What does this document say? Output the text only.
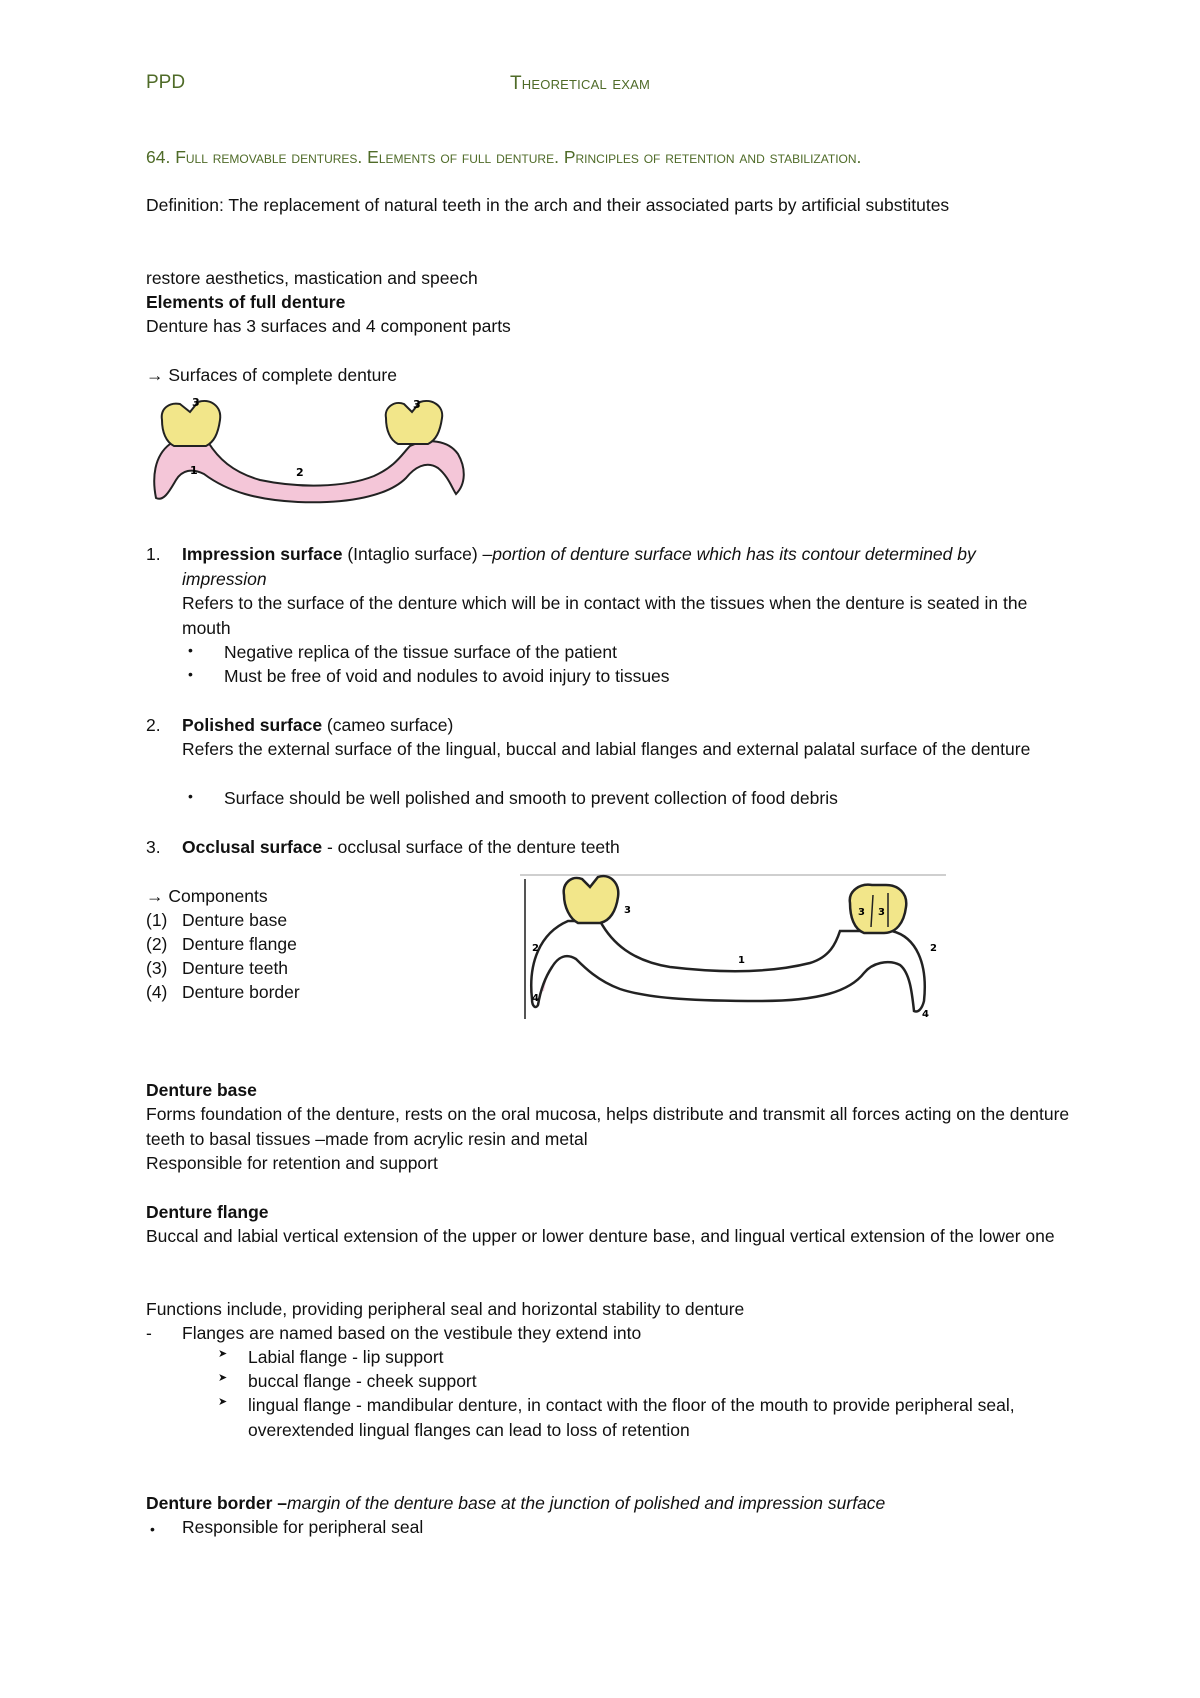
PPD	Theoretical exam
64. Full removable dentures. Elements of full denture. Principles of retention and stabilization.
Definition: The replacement of natural teeth in the arch and their associated parts by artificial substitutes
restore aesthetics, mastication and speech
Elements of full denture
Denture has 3 surfaces and 4 component parts
→ Surfaces of complete denture
3	3
1	2
1. Impression surface (Intaglio surface) –portion of denture surface which has its contour determined by impression
Refers to the surface of the denture which will be in contact with the tissues when the denture is seated in the mouth
• Negative replica of the tissue surface of the patient
• Must be free of void and nodules to avoid injury to tissues
2. Polished surface (cameo surface)
Refers the external surface of the lingual, buccal and labial flanges and external palatal surface of the denture
• Surface should be well polished and smooth to prevent collection of food debris
3. Occlusal surface - occlusal surface of the denture teeth
→ Components
(1) Denture base
(2) Denture flange
(3) Denture teeth
(4) Denture border
3	3 3
2	2
1
4
4
Denture base
Forms foundation of the denture, rests on the oral mucosa, helps distribute and transmit all forces acting on the denture teeth to basal tissues –made from acrylic resin and metal
Responsible for retention and support
Denture flange
Buccal and labial vertical extension of the upper or lower denture base, and lingual vertical extension of the lower one
Functions include, providing peripheral seal and horizontal stability to denture
- Flanges are named based on the vestibule they extend into
➤ Labial flange - lip support
➤ buccal flange - cheek support
➤ lingual flange - mandibular denture, in contact with the floor of the mouth to provide peripheral seal, overextended lingual flanges can lead to loss of retention
Denture border –margin of the denture base at the junction of polished and impression surface
• Responsible for peripheral seal
